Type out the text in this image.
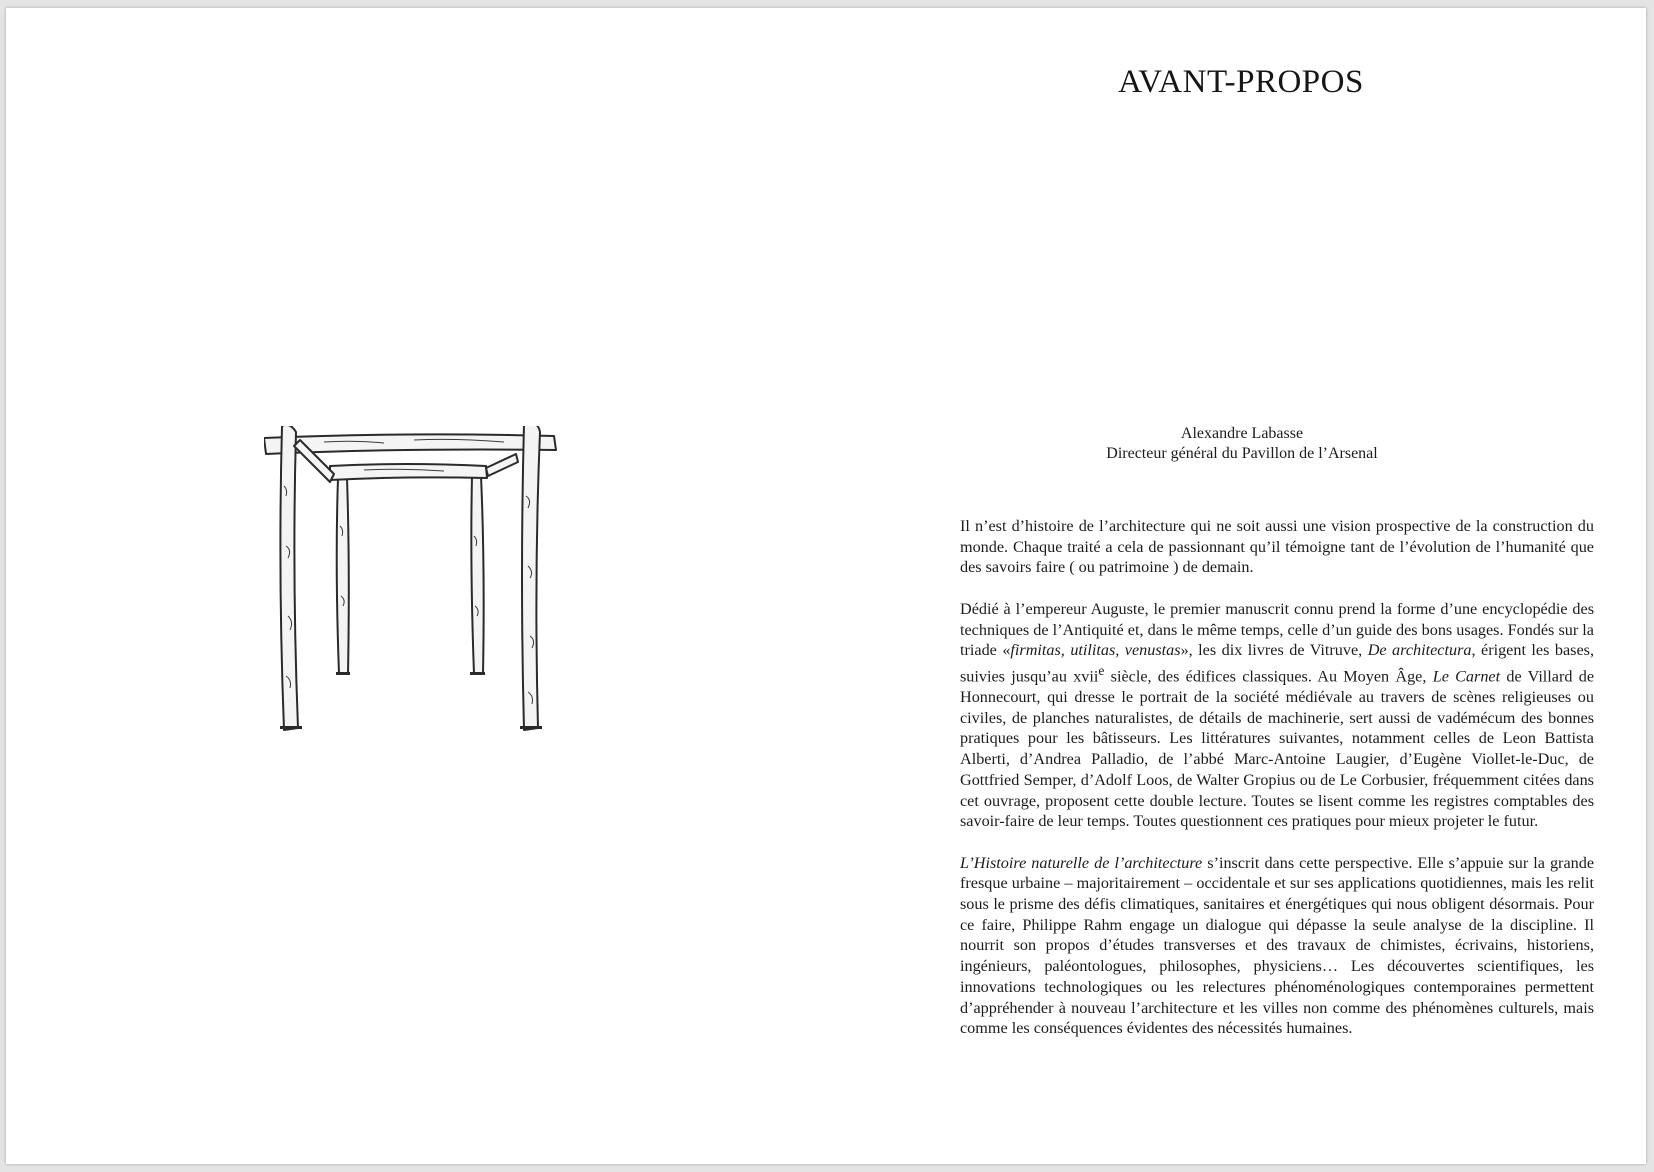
AVANT-PROPOS
Alexandre Labasse
Directeur général du Pavillon de l’Arsenal

Il n’est d’histoire de l’architecture qui ne soit aussi une vision prospective de la construction du monde. Chaque traité a cela de passionnant qu’il témoigne tant de l’évolution de l’humanité que des savoirs faire ( ou patrimoine ) de demain.

Dédié à l’empereur Auguste, le premier manuscrit connu prend la forme d’une encyclopédie des techniques de l’Antiquité et, dans le même temps, celle d’un guide des bons usages. Fondés sur la triade «firmitas, utilitas, venustas», les dix livres de Vitruve, De architectura, érigent les bases, suivies jusqu’au xvii$^e$ siècle, des édifices classiques. Au Moyen Âge, Le Carnet de Villard de Honnecourt, qui dresse le portrait de la société médiévale au travers de scènes religieuses ou civiles, de planches naturalistes, de détails de machinerie, sert aussi de vadémécum des bonnes pratiques pour les bâtisseurs. Les littératures suivantes, notamment celles de Leon Battista Alberti, d’Andrea Palladio, de l’abbé Marc-Antoine Laugier, d’Eugène Viollet-le-Duc, de Gottfried Semper, d’Adolf Loos, de Walter Gropius ou de Le Corbusier, fréquemment citées dans cet ouvrage, proposent cette double lecture. Toutes se lisent comme les registres comptables des savoir-faire de leur temps. Toutes questionnent ces pratiques pour mieux projeter le futur.

L’Histoire naturelle de l’architecture s’inscrit dans cette perspective. Elle s’appuie sur la grande fresque urbaine – majoritairement – occidentale et sur ses applications quotidiennes, mais les relit sous le prisme des défis climatiques, sanitaires et énergétiques qui nous obligent désormais. Pour ce faire, Philippe Rahm engage un dialogue qui dépasse la seule analyse de la discipline. Il nourrit son propos d’études transverses et des travaux de chimistes, écrivains, historiens, ingénieurs, paléontologues, philosophes, physiciens… Les découvertes scientifiques, les innovations technologiques ou les relectures phénoménologiques contemporaines permettent d’appréhender à nouveau l’architecture et les villes non comme des phénomènes culturels, mais comme les conséquences évidentes des nécessités humaines.
